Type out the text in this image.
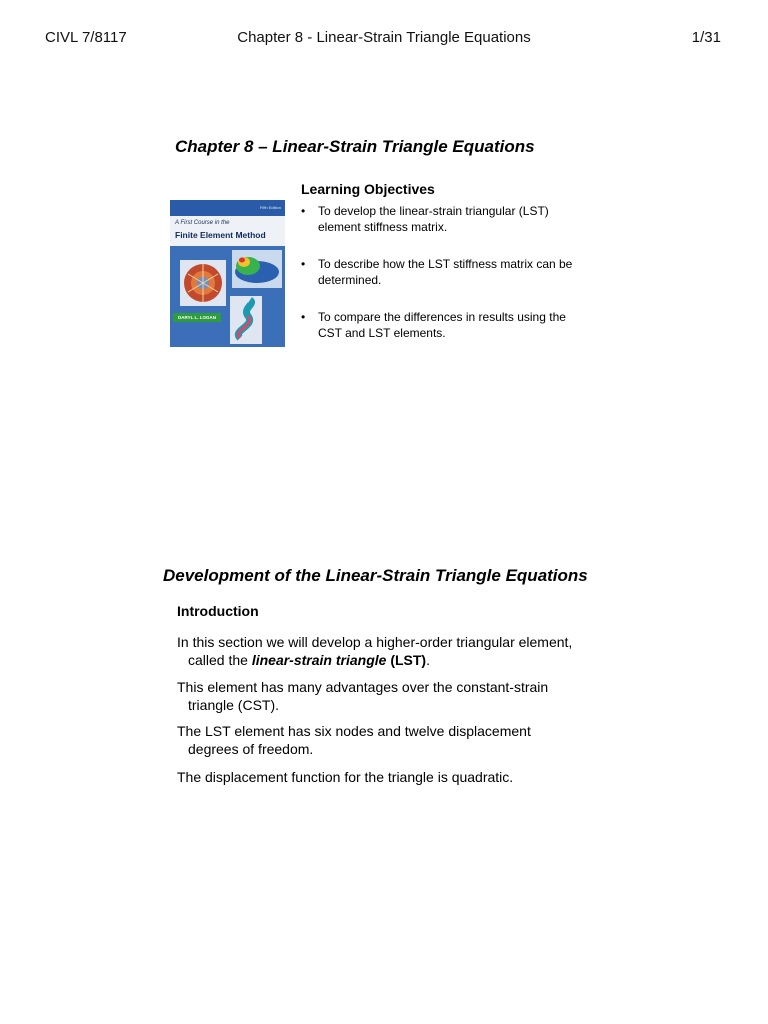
CIVL 7/8117	Chapter 8 - Linear-Strain Triangle Equations	1/31
Chapter 8 – Linear-Strain Triangle Equations
Fifth Edition
A First Course in the
Finite Element Method
DARYL L. LOGAN
Learning Objectives
• To develop the linear-strain triangular (LST)
element stiffness matrix.
• To describe how the LST stiffness matrix can be
determined.
• To compare the differences in results using the
CST and LST elements.
Development of the Linear-Strain Triangle Equations
Introduction
In this section we will develop a higher-order triangular element,
called the linear-strain triangle (LST).
This element has many advantages over the constant-strain
triangle (CST).
The LST element has six nodes and twelve displacement
degrees of freedom.
The displacement function for the triangle is quadratic.
